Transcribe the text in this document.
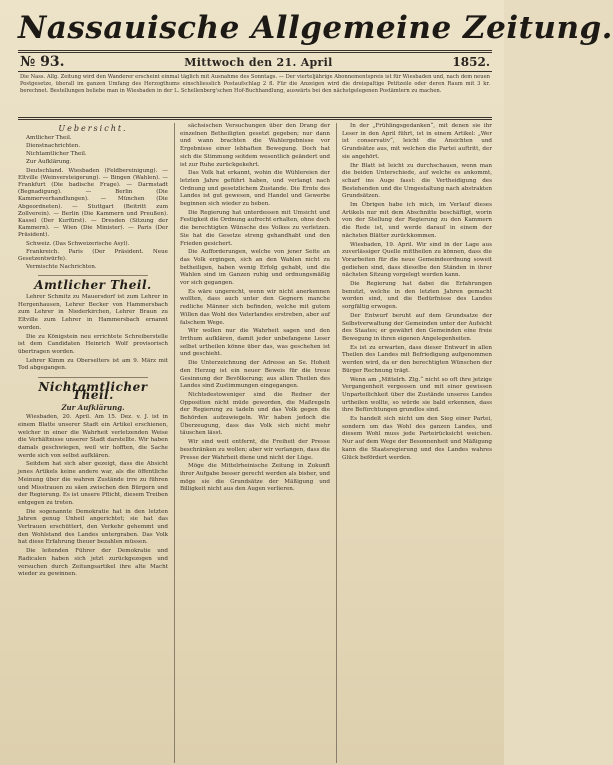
Nassauische Allgemeine Zeitung.
№ 93.	Mittwoch den 21. April	1852.
Die Nass. Allg. Zeitung wird den Wanderer erscheint einmal täglich mit Ausnahme des Sonntags. — Der vierteljährige Abonnementspreis ist für Wiesbaden und, nach dem neuen Postgesetze, überall im ganzen Umfang des Herzogthums einschliesslich Postaufschlag 2 fl. Für die Anzeigen wird die dreispaltige Petitzeile oder deren Raum mit 3 kr. berechnet. Bestellungen beliebe man in Wiesbaden in der L. Schellenberg'schen Hof-Buchhandlung, auswärts bei den nächstgelegenen Postämtern zu machen.
Uebersicht.

Amtlicher Theil.

Dienstnachrichten.

Nichtamtlicher Theil.

Zur Aufklärung.

Deutschland. Wiesbaden (Feldbereinigung). — Eltville (Weinversteigerung). — Bingen (Wahlen). — Frankfurt (Die badische Frage). — Darmstadt (Begnadigung). — Berlin (Die Kammerverhandlungen). — München (Die Abgeordneten). — Stuttgart (Beitritt zum Zollverein). — Berlin (Die Kammern und Preußen). Kassel (Der Kurfürst). — Dresden (Sitzung der Kammern). — Wien (Die Minister). — Paris (Der Präsident).

Schweiz. (Das Schweizerische Asyl).

Frankreich. Paris (Der Präsident. Neue Gesetzentwürfe).

Vermischte Nachrichten.

Amtlicher Theil.

Lehrer Schmitz zu Mauersdorf ist zum Lehrer in Hergenhausen, Lehrer Becker von Hammersbach zum Lehrer in Niederkirchen, Lehrer Braun zu Eltville zum Lehrer in Hammersbach ernannt worden.

Die zu Königstein neu errichtete Schreiberstelle ist dem Candidaten Heinrich Wolf provisorisch übertragen worden.

Lehrer Kimm zu Oberselters ist am 9. März mit Tod abgegangen.

Nichtamtlicher Theil.
Zur Aufklärung.

Wiesbaden, 20. April. Am 15. Dez. v. J. ist in einem Blatte unserer Stadt ein Artikel erschienen, welcher in einer die Wahrheit verletzenden Weise die Verhältnisse unserer Stadt darstellte. Wir haben damals geschwiegen, weil wir hofften, die Sache werde sich von selbst aufklären.

Seitdem hat sich aber gezeigt, dass die Absicht jenes Artikels keine andere war, als die öffentliche Meinung über die wahren Zustände irre zu führen und Misstrauen zu säen zwischen den Bürgern und der Regierung. Es ist unsere Pflicht, diesem Treiben entgegen zu treten.

Die sogenannte Demokratie hat in den letzten Jahren genug Unheil angerichtet; sie hat das Vertrauen erschüttert, den Verkehr gehemmt und den Wohlstand des Landes untergraben. Das Volk hat diese Erfahrung theuer bezahlen müssen.

Die leitenden Führer der Demokratie und Radicalen haben sich jetzt zurückgezogen und versuchen durch Zeitungsartikel ihre alte Macht wieder zu gewinnen.

sächsischen Versuchungen über den Drang der einzelnen Betheiligten gesetzt gegeben; nur dann und wann brachten die Wahlergebnisse vor Ergebnisse einer lebhaften Bewegung. Doch hat sich die Stimmung seitdem wesentlich geändert und ist zur Ruhe zurückgekehrt.

Das Volk hat erkannt, wohin die Wühlereien der letzten Jahre geführt haben, und verlangt nach Ordnung und gesetzlichem Zustande. Die Ernte des Landes ist gut gewesen, und Handel und Gewerbe beginnen sich wieder zu heben.

Die Regierung hat unterdessen mit Umsicht und Festigkeit die Ordnung aufrecht erhalten, ohne doch die berechtigten Wünsche des Volkes zu verletzen. Sie hat die Gesetze streng gehandhabt und den Frieden gesichert.

Die Aufforderungen, welche von jener Seite an das Volk ergingen, sich an den Wahlen nicht zu betheiligen, haben wenig Erfolg gehabt, und die Wahlen sind im Ganzen ruhig und ordnungsmäßig vor sich gegangen.

Es wäre ungerecht, wenn wir nicht anerkennen wollten, dass auch unter den Gegnern manche redliche Männer sich befinden, welche mit gutem Willen das Wohl des Vaterlandes erstreben, aber auf falschem Wege.

Wir wollen nur die Wahrheit sagen und den Irrthum aufklären, damit jeder unbefangene Leser selbst urtheilen könne über das, was geschehen ist und geschieht.

Die Unterzeichnung der Adresse an Se. Hoheit den Herzog ist ein neuer Beweis für die treue Gesinnung der Bevölkerung; aus allen Theilen des Landes sind Zustimmungen eingegangen.

Nichtsdestoweniger sind die Redner der Opposition nicht müde geworden, die Maßregeln der Regierung zu tadeln und das Volk gegen die Behörden aufzuwiegeln. Wir haben jedoch die Überzeugung, dass das Volk sich nicht mehr täuschen lässt.

Wir sind weit entfernt, die Freiheit der Presse beschränken zu wollen; aber wir verlangen, dass die Presse der Wahrheit diene und nicht der Lüge.

Möge die Mittelrheinische Zeitung in Zukunft ihrer Aufgabe besser gerecht werden als bisher, und möge sie die Grundsätze der Mäßigung und Billigkeit nicht aus den Augen verlieren.

In der „Frühlingsgedanken“, mit denen sie ihr Leser in den April führt, ist in einem Artikel: „Wer ist conservativ“, leicht die Ansichten und Grundsätze aus, mit welchen die Partei auftritt, der sie angehört.

Ihr Blatt ist leicht zu durchschauen, wenn man die beiden Unterschiede, auf welche es ankommt, scharf ins Auge fasst: die Vertheidigung des Bestehenden und die Umgestaltung nach abstrakten Grundsätzen.

Im Übrigen habe ich mich, im Verlauf dieses Artikels nur mit dem Abschnitte beschäftigt, worin von der Stellung der Regierung zu den Kammern die Rede ist, und werde darauf in einem der nächsten Blätter zurückkommen.

Wiesbaden, 19. April. Wir sind in der Lage aus zuverlässiger Quelle mittheilen zu können, dass die Vorarbeiten für die neue Gemeindeordnung soweit gediehen sind, dass dieselbe den Ständen in ihrer nächsten Sitzung vorgelegt werden kann.

Die Regierung hat dabei die Erfahrungen benutzt, welche in den letzten Jahren gemacht worden sind, und die Bedürfnisse des Landes sorgfältig erwogen.

Der Entwurf beruht auf dem Grundsatze der Selbstverwaltung der Gemeinden unter der Aufsicht des Staates; er gewährt den Gemeinden eine freie Bewegung in ihren eigenen Angelegenheiten.

Es ist zu erwarten, dass dieser Entwurf in allen Theilen des Landes mit Befriedigung aufgenommen werden wird, da er den berechtigten Wünschen der Bürger Rechnung trägt.

Wenn am „Mittelrh. Ztg.“ nicht so oft ihre jetzige Vergangenheit vergessen und mit einer gewissen Unparteilichkeit über die Zustände unseres Landes urtheilen wollte, so würde sie bald erkennen, dass ihre Befürchtungen grundlos sind.

Es handelt sich nicht um den Sieg einer Partei, sondern um das Wohl des ganzen Landes, und diesem Wohl muss jede Parteirücksicht weichen. Nur auf dem Wege der Besonnenheit und Mäßigung kann die Staatsregierung und des Landes wahres Glück befördert werden.
